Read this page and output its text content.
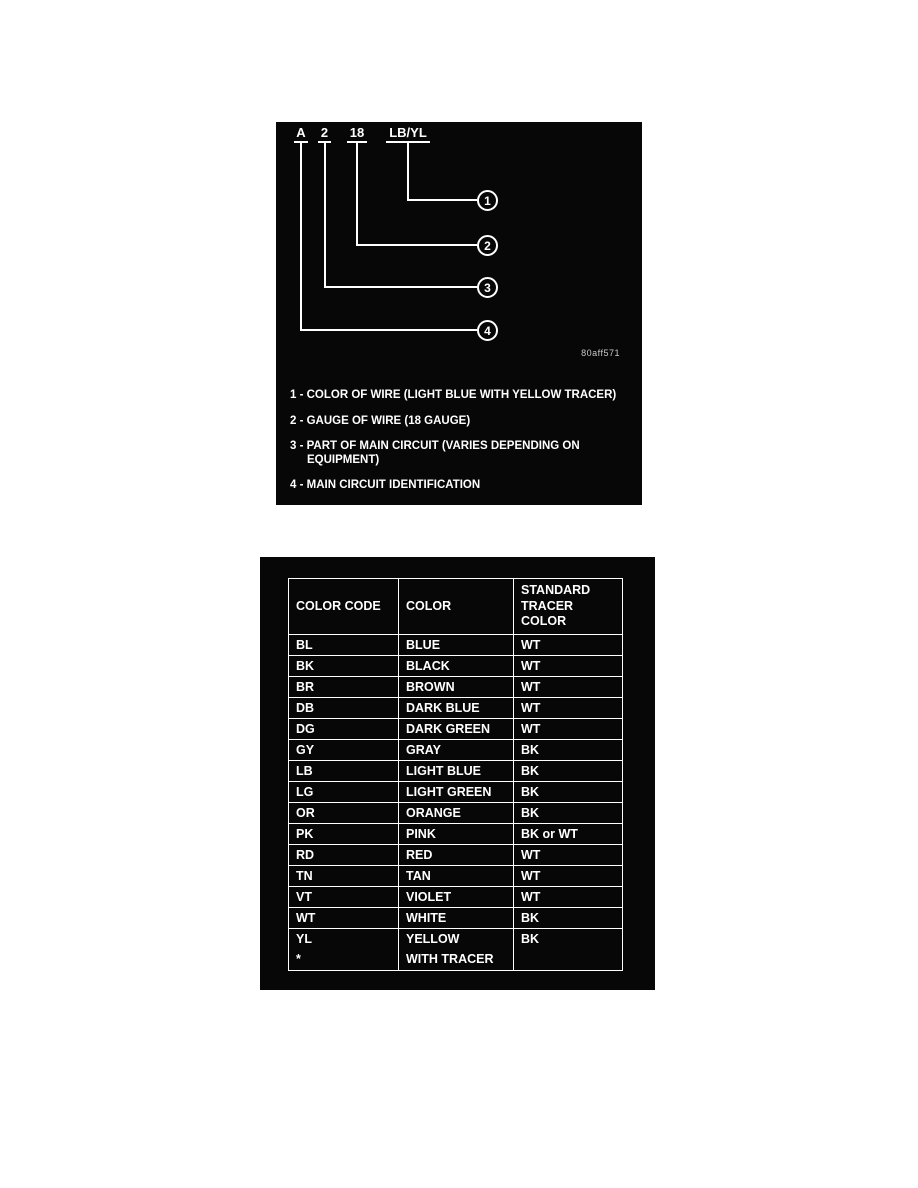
A 2 18 LB/YL
1
2
3
4
80aff571
1 - COLOR OF WIRE (LIGHT BLUE WITH YELLOW TRACER)
2 - GAUGE OF WIRE (18 GAUGE)
3 - PART OF MAIN CIRCUIT (VARIES DEPENDING ON EQUIPMENT)
4 - MAIN CIRCUIT IDENTIFICATION
COLOR CODE	COLOR	STANDARD TRACER COLOR
BL	BLUE	WT
BK	BLACK	WT
BR	BROWN	WT
DB	DARK BLUE	WT
DG	DARK GREEN	WT
GY	GRAY	BK
LB	LIGHT BLUE	BK
LG	LIGHT GREEN	BK
OR	ORANGE	BK
PK	PINK	BK or WT
RD	RED	WT
TN	TAN	WT
VT	VIOLET	WT
WT	WHITE	BK
YL	YELLOW	BK
*	WITH TRACER	
